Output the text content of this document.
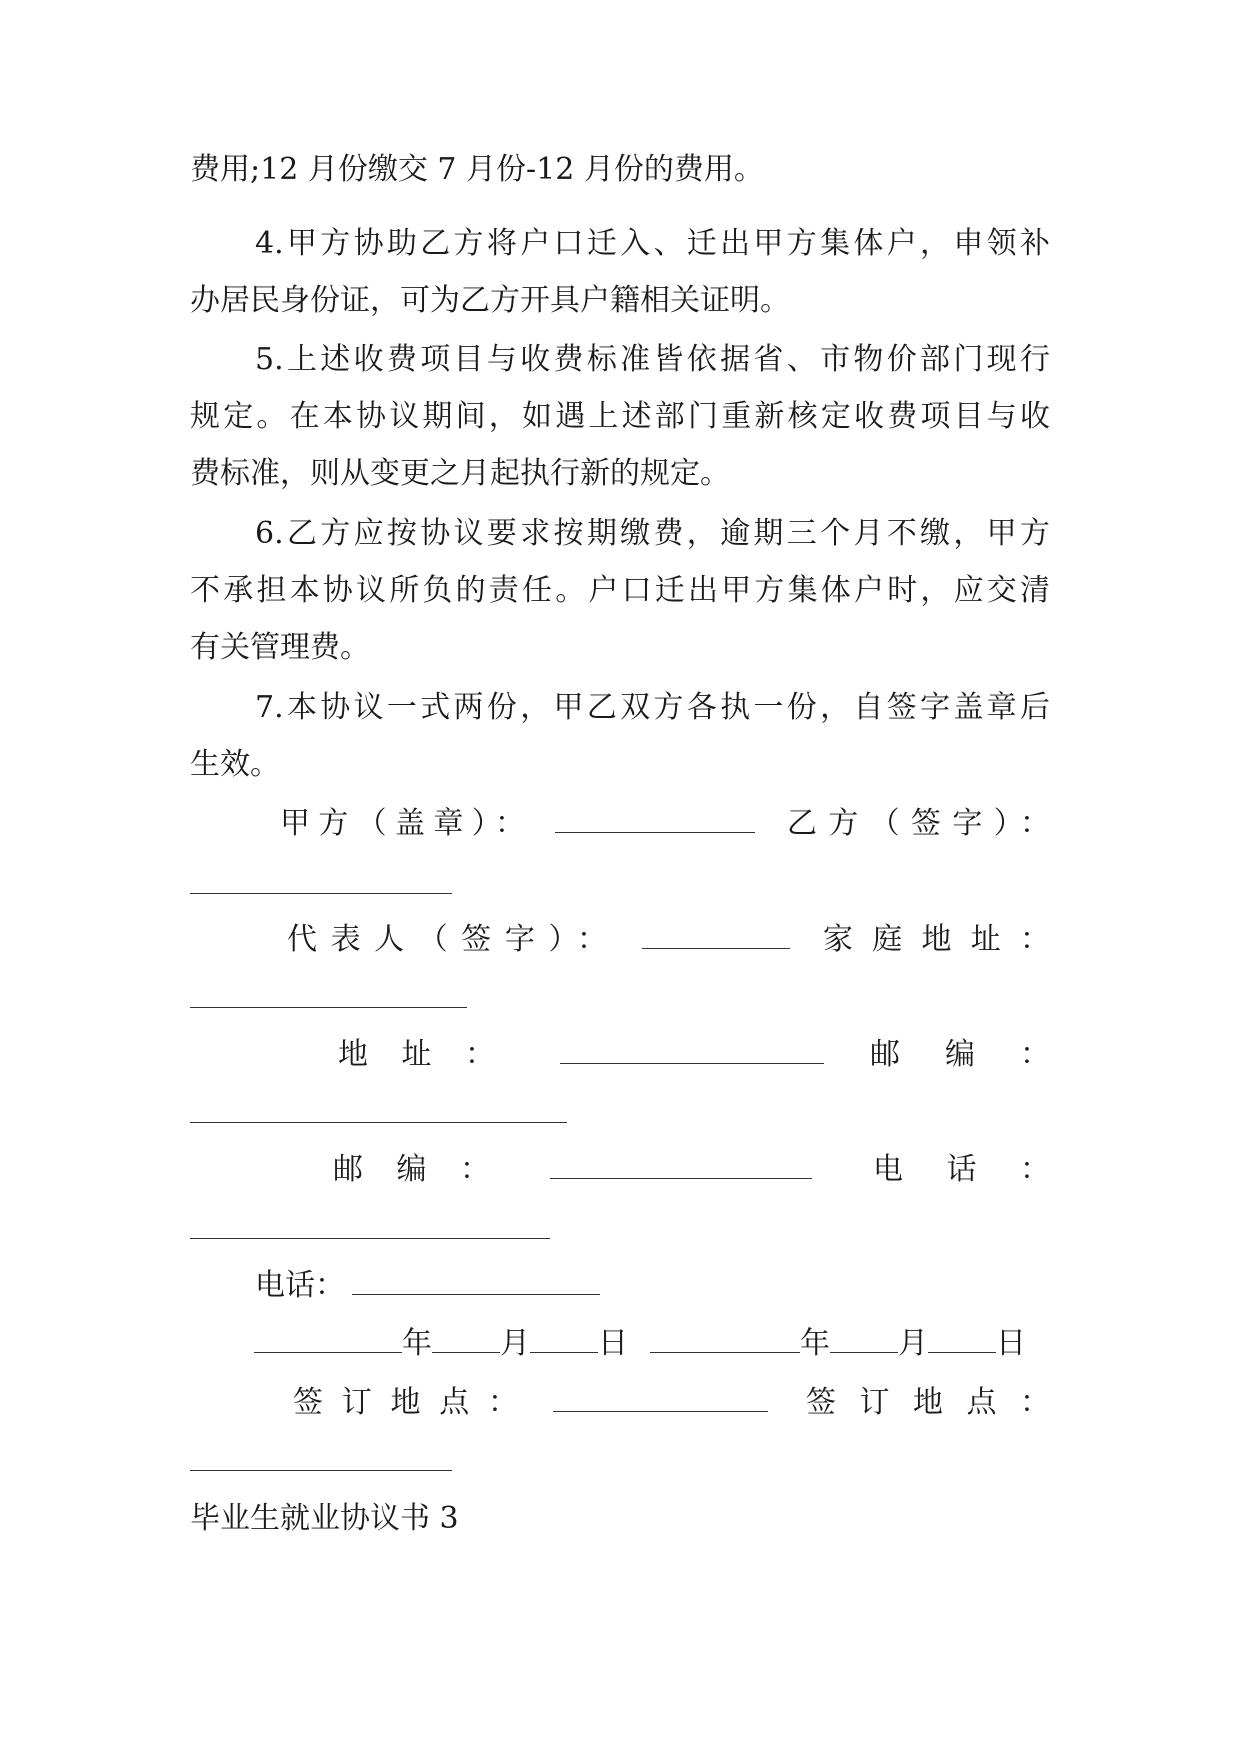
费用;12 月份缴交 7 月份-12 月份的费用。
4.甲方协助乙方将户口迁入、迁出甲方集体户，申领补
办居民身份证，可为乙方开具户籍相关证明。
5.上述收费项目与收费标准皆依据省、市物价部门现行
规定。在本协议期间，如遇上述部门重新核定收费项目与收
费标准，则从变更之月起执行新的规定。
6.乙方应按协议要求按期缴费，逾期三个月不缴，甲方
不承担本协议所负的责任。户口迁出甲方集体户时，应交清
有关管理费。
7.本协议一式两份，甲乙双方各执一份，自签字盖章后
生效。
甲方（盖章）：	乙方（签字）：
代表人（签字）：	家庭地址：
地址：	邮编：
邮编：	电话：
电话：
年 月 日	年 月 日
签订地点：	签订地点：
毕业生就业协议书 3
